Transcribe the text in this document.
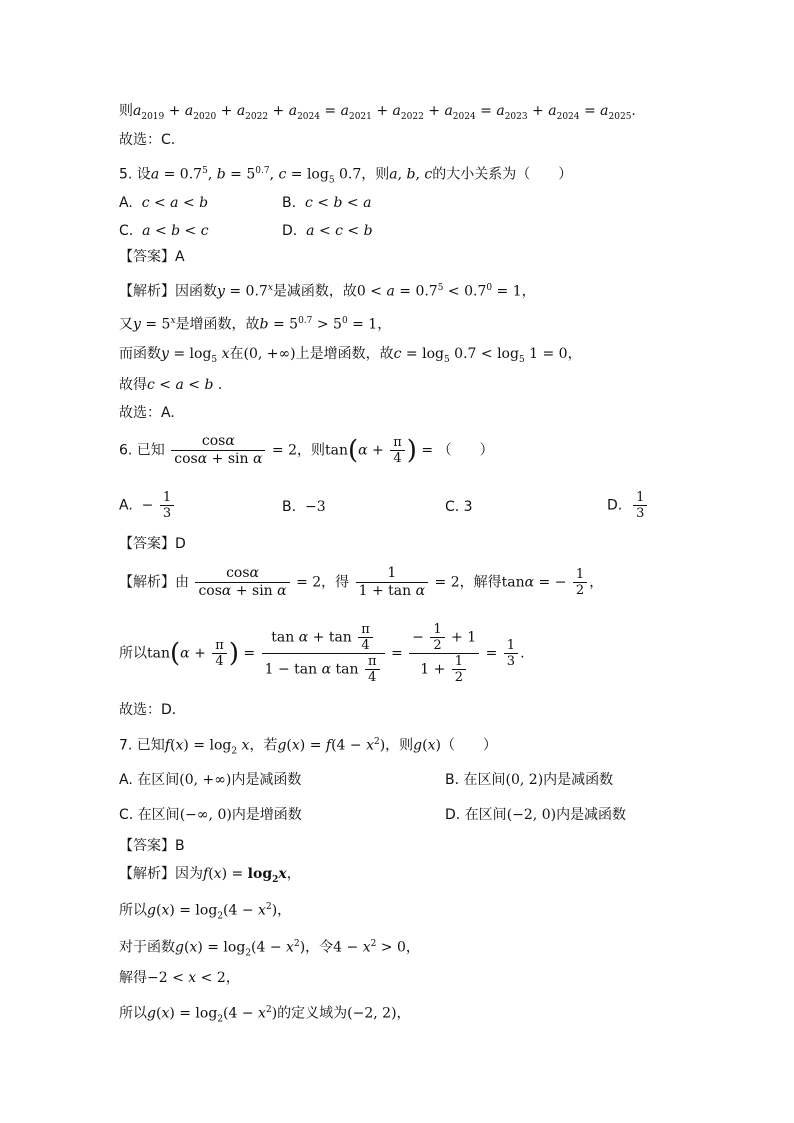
则$a_{2019} + a_{2020} + a_{2022} + a_{2024} = a_{2021} + a_{2022} + a_{2024} = a_{2023} + a_{2024} = a_{2025}$.
故选：C.
5. 设$a = 0.7^5$, $b = 5^{0.7}$, $c = \log_5 0.7$，则a, b, c的大小关系为（　　）
A. c < a < b	B. c < b < a
C. a < b < c	D. a < c < b
【答案】A
【解析】因函数$y = 0.7^x$是减函数，故$0 < a = 0.7^5 < 0.7^0 = 1$，
又$y = 5^x$是增函数，故$b = 5^{0.7} > 5^0 = 1$，
而函数$y = \log_5 x$在(0, +∞)上是增函数，故$c = \log_5 0.7 < \log_5 1 = 0$，
故得c < a < b .
故选：A.
6. 已知 $\frac{\cos\alpha}{\text{cosα + sin α}} = 2$，则$\tan(\alpha + \frac{\pi}{4}$ ) = （　　）
A.  − $\frac{1}{3}$	B.  −3	C. 3	D. $\frac{1}{3}$
【答案】D
【解析】由 $\frac{\cos\alpha}{\text{cosα + sin α}} = 2$，得 $\frac{1}{\text{1 + tan α}} = 2$，解得tanα = − $\frac{1}{2}$ ，
所以$\tan(\alpha + \frac{\pi}{4}$ ) = $\frac{\tan \alpha + \tan \frac{\pi}{4}}{1 - \tan \alpha \tan \frac{\pi}{4}} = \frac{- \frac{1}{2} + 1}{1 + \frac{1}{2}} = \frac{1}{3}$ .
故选：D.
7. 已知$f(x) = \log_2 x$，若$g(x) = f(4 - x^2)$，则g(x)（　　）
A. 在区间(0, +∞)内是减函数	B. 在区间(0, 2)内是减函数
C. 在区间(−∞, 0)内是增函数	D. 在区间(−2, 0)内是减函数
【答案】B
【解析】因为$f(x) = \log_2x$，
所以$g(x) = \log_2(4 - x^2)$，
对于函数$g(x) = \log_2(4 - x^2)$，令$4 - x^2 > 0$，
解得−2 < x < 2，
所以$g(x) = \log_2(4 - x^2)$的定义域为(−2, 2)，
